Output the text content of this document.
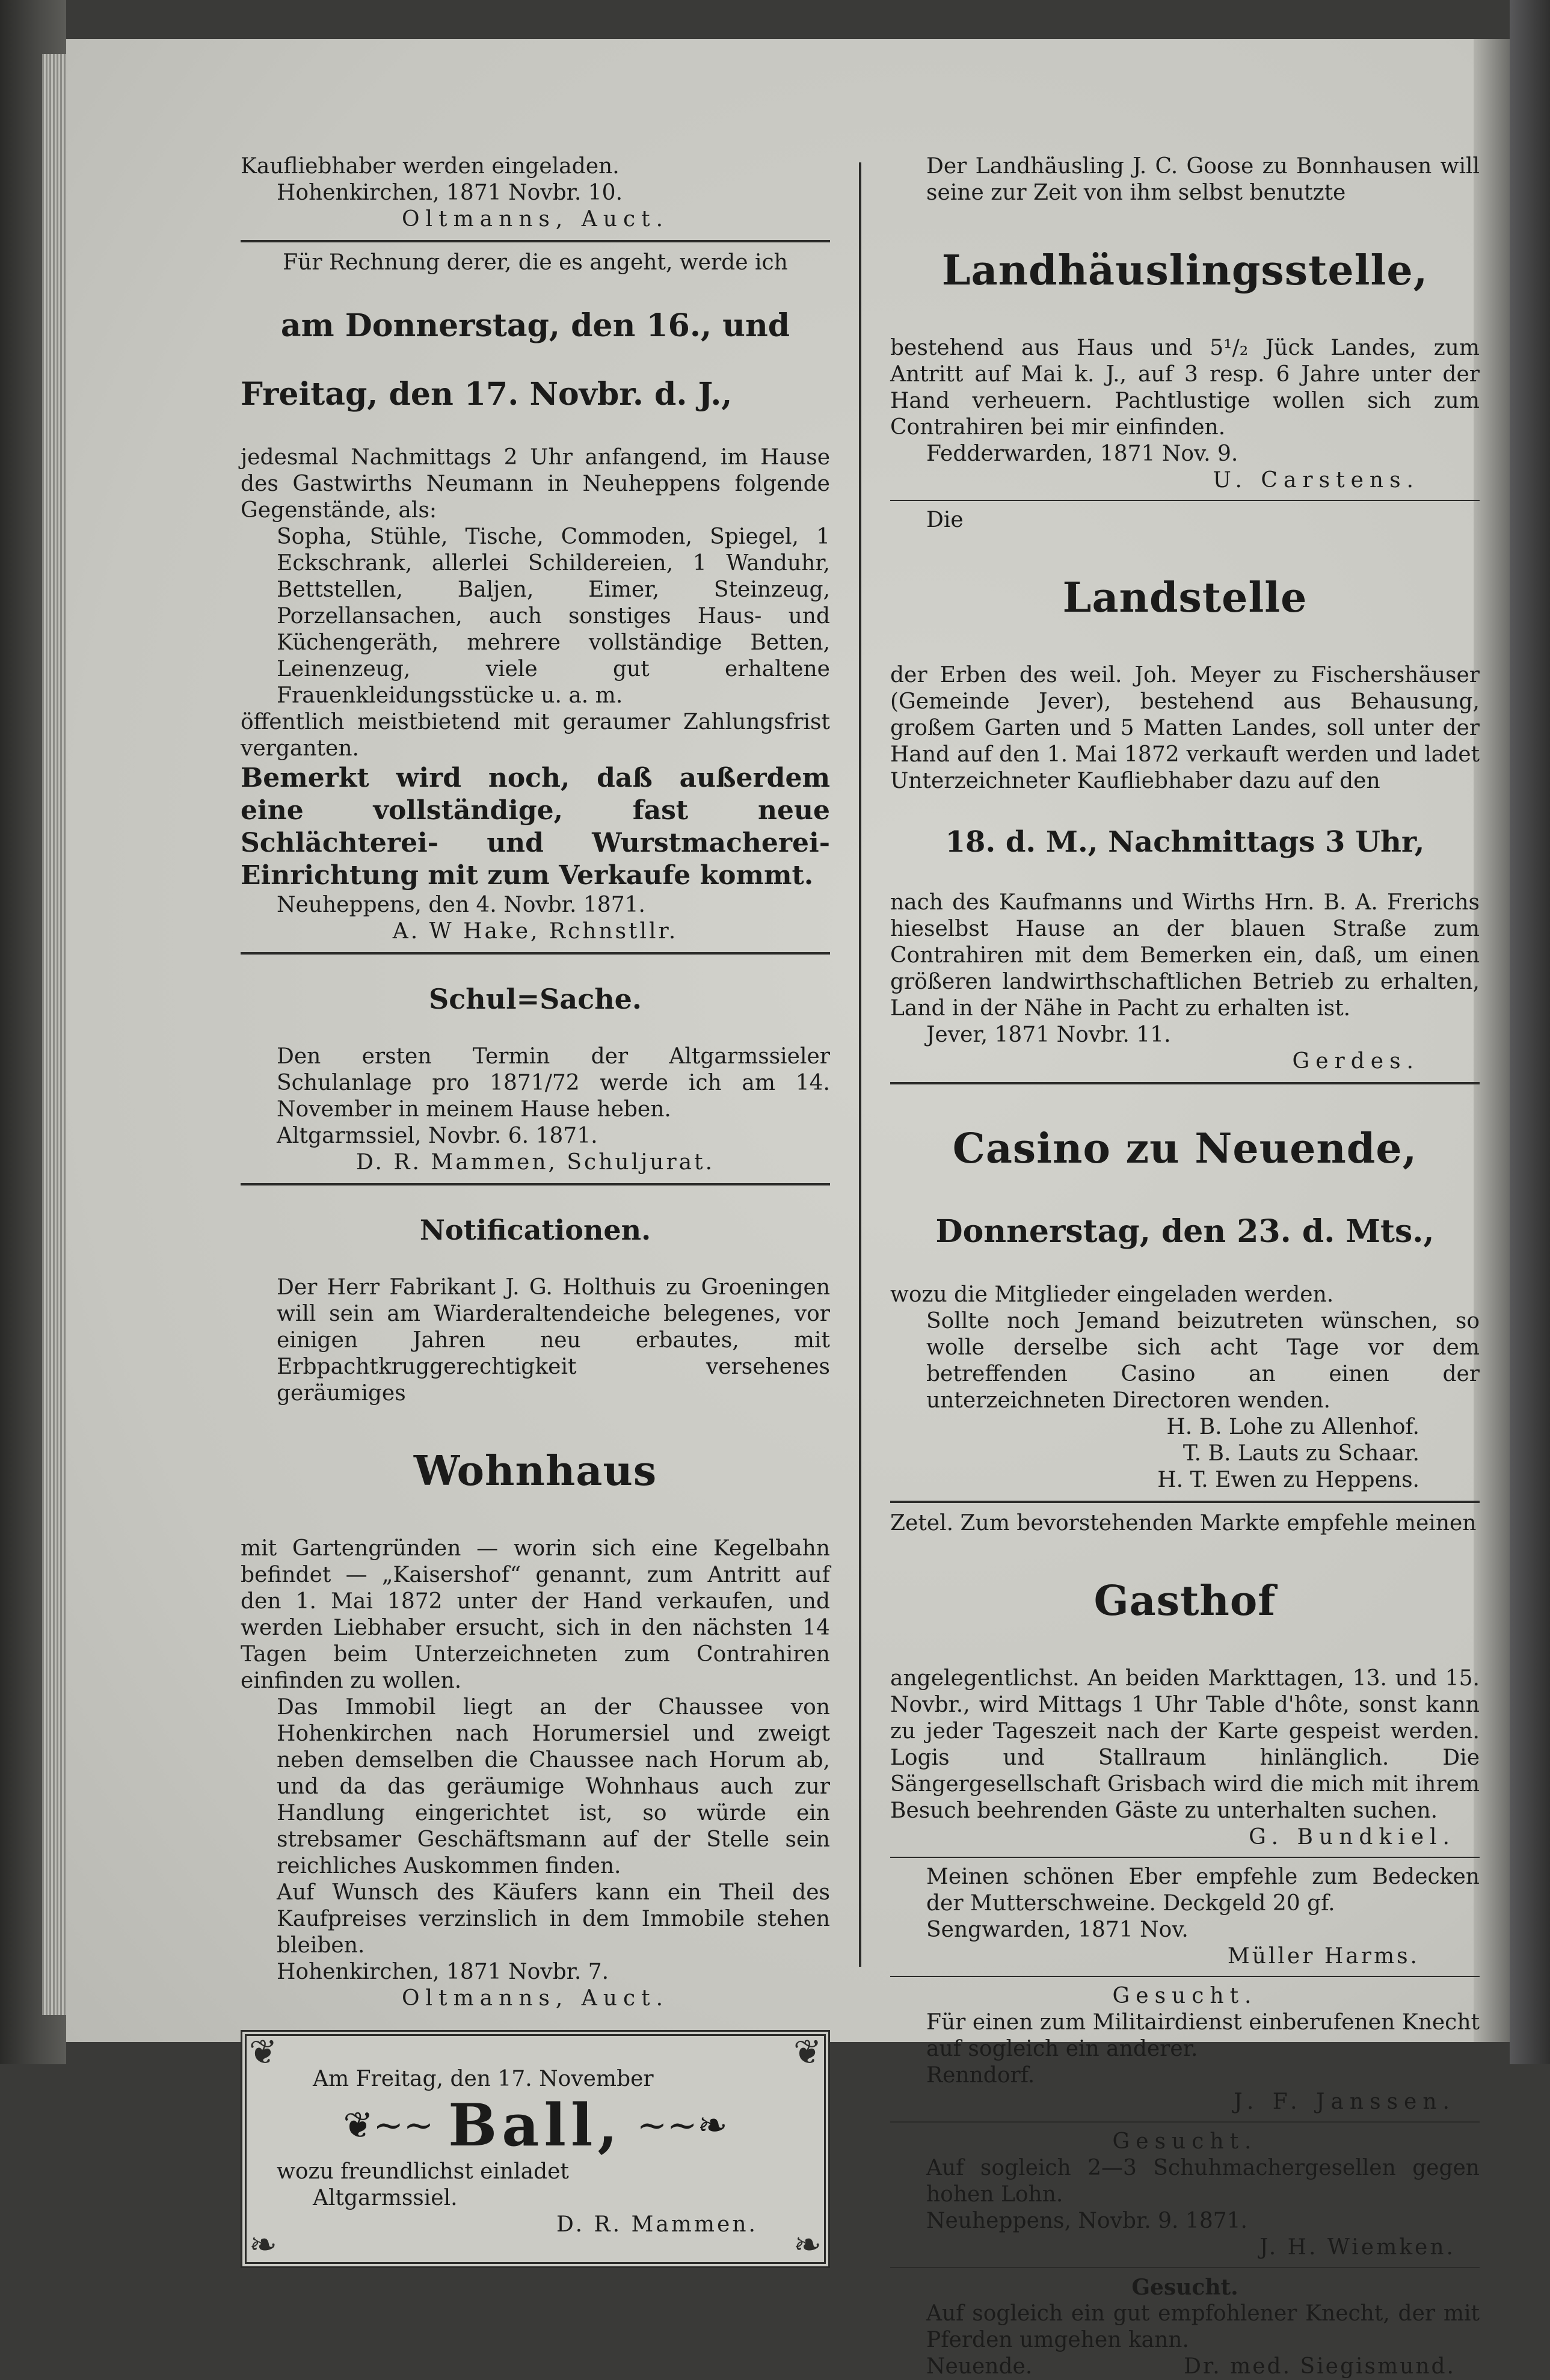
Kaufliebhaber werden eingeladen.

Hohenkirchen, 1871 Novbr. 10.

Oltmanns, Auct.

Für Rechnung derer, die es angeht, werde ich

am Donnerstag, den 16., und

Freitag, den 17. Novbr. d. J.,

jedesmal Nachmittags 2 Uhr anfangend, im Hause des Gastwirths Neumann in Neuheppens folgende Gegenstände, als:

Sopha, Stühle, Tische, Commoden, Spiegel, 1 Eckschrank, allerlei Schildereien, 1 Wanduhr, Bettstellen, Baljen, Eimer, Steinzeug, Porzellansachen, auch sonstiges Haus- und Küchengeräth, mehrere vollständige Betten, Leinenzeug, viele gut erhaltene Frauenkleidungsstücke u. a. m.

öffentlich meistbietend mit geraumer Zahlungsfrist verganten.

Bemerkt wird noch, daß außerdem eine vollständige, fast neue Schlächterei- und Wurstmacherei-Einrichtung mit zum Verkaufe kommt.

Neuheppens, den 4. Novbr. 1871.

A. W Hake, Rchnstllr.

Schul=Sache.

Den ersten Termin der Altgarmssieler Schulanlage pro 1871/72 werde ich am 14. November in meinem Hause heben.

Altgarmssiel, Novbr. 6. 1871.

D. R. Mammen, Schuljurat.

Notificationen.

Der Herr Fabrikant J. G. Holthuis zu Groeningen will sein am Wiarderaltendeiche belegenes, vor einigen Jahren neu erbautes, mit Erbpachtkruggerechtigkeit versehenes geräumiges

Wohnhaus

mit Gartengründen — worin sich eine Kegelbahn befindet — „Kaisershof“ genannt, zum Antritt auf den 1. Mai 1872 unter der Hand verkaufen, und werden Liebhaber ersucht, sich in den nächsten 14 Tagen beim Unterzeichneten zum Contrahiren einfinden zu wollen.

Das Immobil liegt an der Chaussee von Hohenkirchen nach Horumersiel und zweigt neben demselben die Chaussee nach Horum ab, und da das geräumige Wohnhaus auch zur Handlung eingerichtet ist, so würde ein strebsamer Geschäftsmann auf der Stelle sein reichliches Auskommen finden.

Auf Wunsch des Käufers kann ein Theil des Kaufpreises verzinslich in dem Immobile stehen bleiben.

Hohenkirchen, 1871 Novbr. 7.

Oltmanns, Auct.

❦	❦
❧	❧

Am Freitag, den 17. November

❦~~ Ball, ~~❧

wozu freundlichst einladet

Altgarmssiel.

D. R. Mammen.

Der Landhäusling J. C. Goose zu Bonnhausen will seine zur Zeit von ihm selbst benutzte

Landhäuslingsstelle,

bestehend aus Haus und 5¹/₂ Jück Landes, zum Antritt auf Mai k. J., auf 3 resp. 6 Jahre unter der Hand verheuern. Pachtlustige wollen sich zum Contrahiren bei mir einfinden.

Fedderwarden, 1871 Nov. 9.

U. Carstens.

Die

Landstelle

der Erben des weil. Joh. Meyer zu Fischershäuser (Gemeinde Jever), bestehend aus Behausung, großem Garten und 5 Matten Landes, soll unter der Hand auf den 1. Mai 1872 verkauft werden und ladet Unterzeichneter Kaufliebhaber dazu auf den

18. d. M., Nachmittags 3 Uhr,

nach des Kaufmanns und Wirths Hrn. B. A. Frerichs hieselbst Hause an der blauen Straße zum Contrahiren mit dem Bemerken ein, daß, um einen größeren landwirthschaftlichen Betrieb zu erhalten, Land in der Nähe in Pacht zu erhalten ist.

Jever, 1871 Novbr. 11.

Gerdes.

Casino zu Neuende,

Donnerstag, den 23. d. Mts.,

wozu die Mitglieder eingeladen werden.

Sollte noch Jemand beizutreten wünschen, so wolle derselbe sich acht Tage vor dem betreffenden Casino an einen der unterzeichneten Directoren wenden.

H. B. Lohe zu Allenhof.

T. B. Lauts zu Schaar.

H. T. Ewen zu Heppens.

Zetel. Zum bevorstehenden Markte empfehle meinen

Gasthof

angelegentlichst. An beiden Markttagen, 13. und 15. Novbr., wird Mittags 1 Uhr Table d'hôte, sonst kann zu jeder Tageszeit nach der Karte gespeist werden. Logis und Stallraum hinlänglich. Die Sängergesellschaft Grisbach wird die mich mit ihrem Besuch beehrenden Gäste zu unterhalten suchen.

G. Bundkiel.

Meinen schönen Eber empfehle zum Bedecken der Mutterschweine. Deckgeld 20 gf.

Sengwarden, 1871 Nov.

Müller Harms.

Gesucht.

Für einen zum Militairdienst einberufenen Knecht auf sogleich ein anderer.

Renndorf.

J. F. Janssen.

Gesucht.

Auf sogleich 2—3 Schuhmachergesellen gegen hohen Lohn.

Neuheppens, Novbr. 9. 1871.

J. H. Wiemken.

Gesucht.

Auf sogleich ein gut empfohlener Knecht, der mit Pferden umgehen kann.

Neuende.	Dr. med. Siegismund.
